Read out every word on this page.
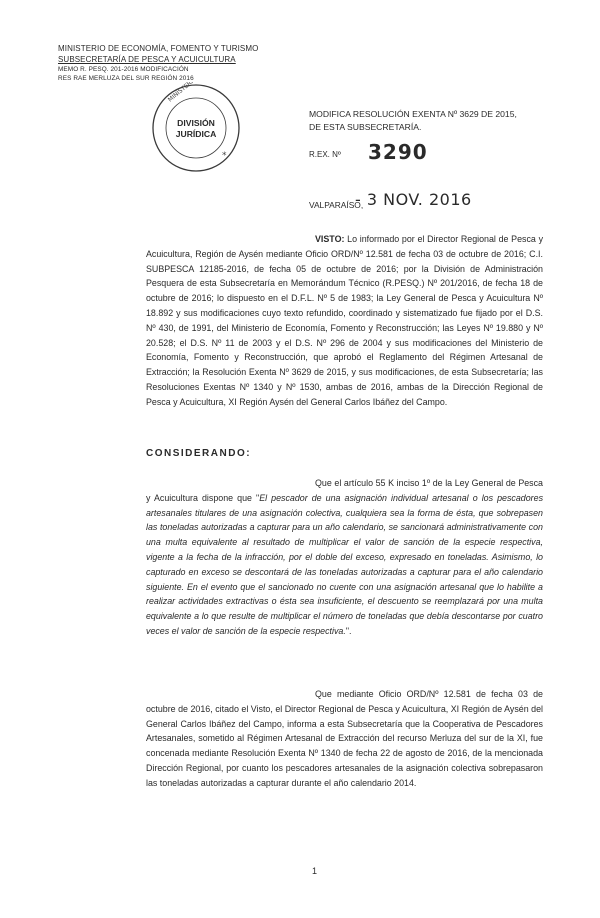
MINISTERIO DE ECONOMÍA, FOMENTO Y TURISMO
SUBSECRETARÍA DE PESCA Y ACUICULTURA
MEMO R. PESQ. 201-2016 MODIFICACIÓN
RES RAE MERLUZA DEL SUR REGIÓN 2016
*
DIVISIÓN
JURÍDICA
MODIFICA RESOLUCIÓN EXENTA Nº 3629 DE 2015,
DE ESTA SUBSECRETARÍA.
R.EX. Nº 3290
VALPARAÍSO,
- 3 NOV. 2016
VISTO: Lo informado por el Director Regional de Pesca y Acuicultura, Región de Aysén mediante Oficio ORD/Nº 12.581 de fecha 03 de octubre de 2016; C.I. SUBPESCA 12185-2016, de fecha 05 de octubre de 2016; por la División de Administración Pesquera de esta Subsecretaría en Memorándum Técnico (R.PESQ.) Nº 201/2016, de fecha 18 de octubre de 2016; lo dispuesto en el D.F.L. Nº 5 de 1983; la Ley General de Pesca y Acuicultura Nº 18.892 y sus modificaciones cuyo texto refundido, coordinado y sistematizado fue fijado por el D.S. Nº 430, de 1991, del Ministerio de Economía, Fomento y Reconstrucción; las Leyes Nº 19.880 y Nº 20.528; el D.S. Nº 11 de 2003 y el D.S. Nº 296 de 2004 y sus modificaciones del Ministerio de Economía, Fomento y Reconstrucción, que aprobó el Reglamento del Régimen Artesanal de Extracción; la Resolución Exenta Nº 3629 de 2015, y sus modificaciones, de esta Subsecretaría; las Resoluciones Exentas Nº 1340 y Nº 1530, ambas de 2016, ambas de la Dirección Regional de Pesca y Acuicultura, XI Región Aysén del General Carlos Ibáñez del Campo.
CONSIDERANDO:
Que el artículo 55 K inciso 1º de la Ley General de Pesca y Acuicultura dispone que "El pescador de una asignación individual artesanal o los pescadores artesanales titulares de una asignación colectiva, cualquiera sea la forma de ésta, que sobrepasen las toneladas autorizadas a capturar para un año calendario, se sancionará administrativamente con una multa equivalente al resultado de multiplicar el valor de sanción de la especie respectiva, vigente a la fecha de la infracción, por el doble del exceso, expresado en toneladas. Asimismo, lo capturado en exceso se descontará de las toneladas autorizadas a capturar para el año calendario siguiente. En el evento que el sancionado no cuente con una asignación artesanal que lo habilite a realizar actividades extractivas o ésta sea insuficiente, el descuento se reemplazará por una multa equivalente a lo que resulte de multiplicar el número de toneladas que debía descontarse por cuatro veces el valor de sanción de la especie respectiva.".
Que mediante Oficio ORD/Nº 12.581 de fecha 03 de octubre de 2016, citado el Visto, el Director Regional de Pesca y Acuicultura, XI Región de Aysén del General Carlos Ibáñez del Campo, informa a esta Subsecretaría que la Cooperativa de Pescadores Artesanales, sometido al Régimen Artesanal de Extracción del recurso Merluza del sur de la XI, fue concenada mediante Resolución Exenta Nº 1340 de fecha 22 de agosto de 2016, de la mencionada Dirección Regional, por cuanto los pescadores artesanales de la asignación colectiva sobrepasaron las toneladas autorizadas a capturar durante el año calendario 2014.
1
